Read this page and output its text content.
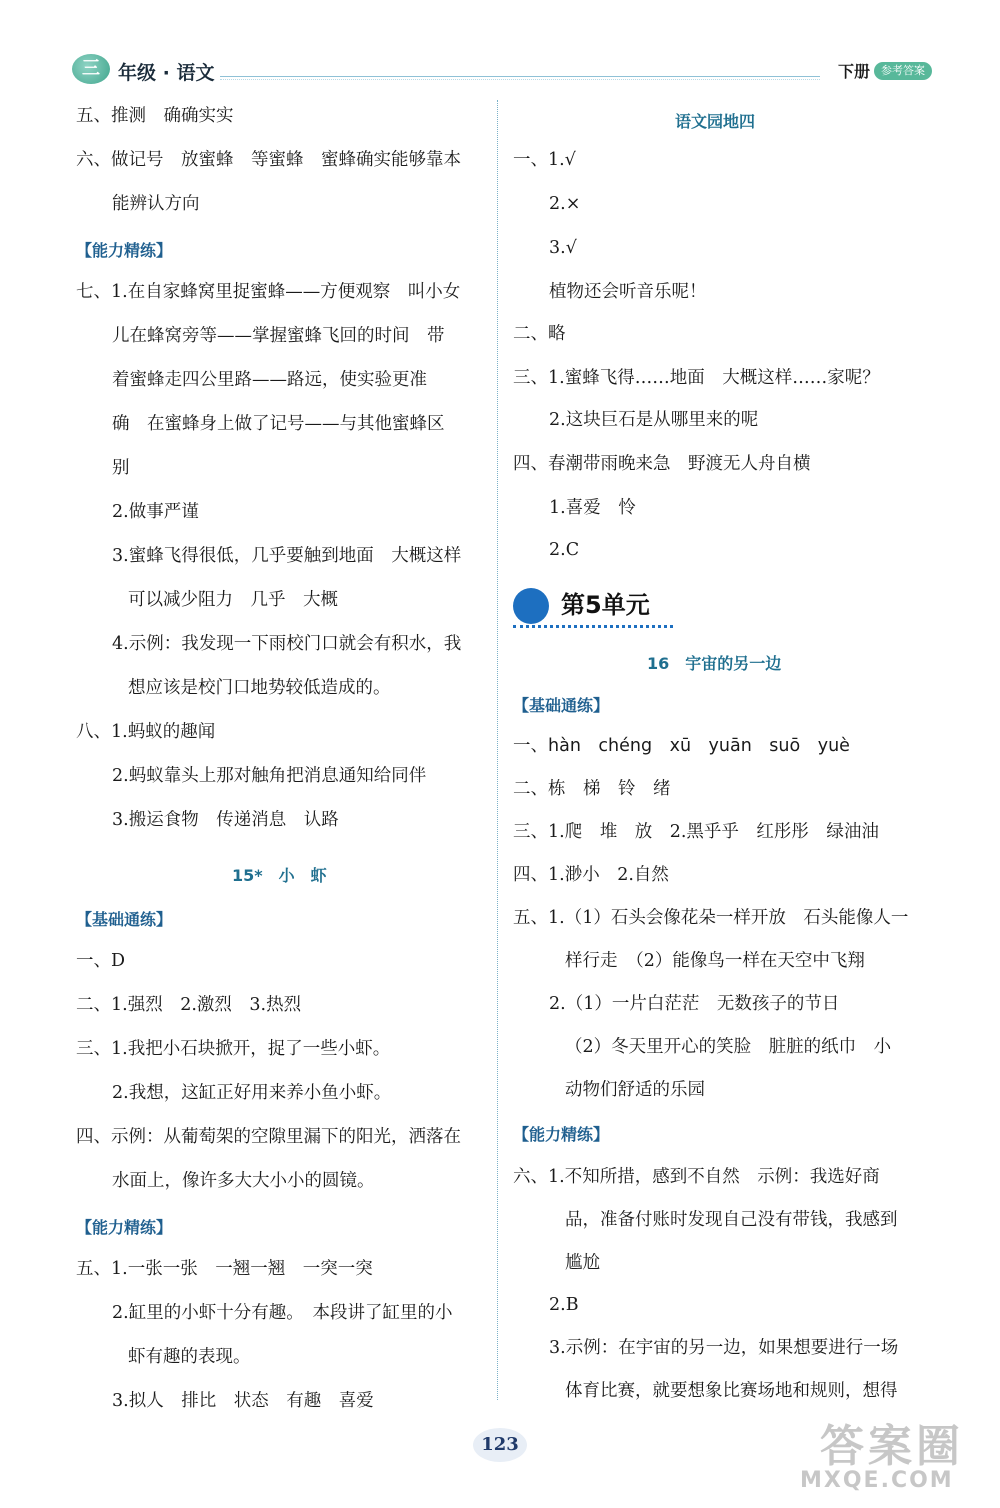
三 年级 · 语文	下册 参考答案
五、推测　确确实实
六、做记号　放蜜蜂　等蜜蜂　蜜蜂确实能够靠本
能辨认方向
【能力精练】
七、1.在自家蜂窝里捉蜜蜂——方便观察　叫小女
儿在蜂窝旁等——掌握蜜蜂飞回的时间　带
着蜜蜂走四公里路——路远，使实验更准
确　在蜜蜂身上做了记号——与其他蜜蜂区
别
2.做事严谨
3.蜜蜂飞得很低，几乎要触到地面　大概这样
可以减少阻力　几乎　大概
4.示例：我发现一下雨校门口就会有积水，我
想应该是校门口地势较低造成的。
八、1.蚂蚁的趣闻
2.蚂蚁靠头上那对触角把消息通知给同伴
3.搬运食物　传递消息　认路
15*　小　虾
【基础通练】
一、D
二、1.强烈　2.激烈　3.热烈
三、1.我把小石块掀开，捉了一些小虾。
2.我想，这缸正好用来养小鱼小虾。
四、示例：从葡萄架的空隙里漏下的阳光，洒落在
水面上，像许多大大小小的圆镜。
【能力精练】
五、1.一张一张　一翘一翘　一突一突
2.缸里的小虾十分有趣。　本段讲了缸里的小
虾有趣的表现。
3.拟人　排比　状态　有趣　喜爱
语文园地四
一、1.√
2.×
3.√
植物还会听音乐呢！
二、略
三、1.蜜蜂飞得……地面　大概这样……家呢？
2.这块巨石是从哪里来的呢
四、春潮带雨晚来急　野渡无人舟自横
1.喜爱　怜
2.C
第5单元
16　宇宙的另一边
【基础通练】
一、hàn　chéng　xū　yuān　suō　yuè
二、栋　梯　铃　绪
三、1.爬　堆　放　2.黑乎乎　红彤彤　绿油油
四、1.渺小　2.自然
五、1.（1）石头会像花朵一样开放　石头能像人一
样行走　（2）能像鸟一样在天空中飞翔
2.（1）一片白茫茫　无数孩子的节日
（2）冬天里开心的笑脸　脏脏的纸巾　小
动物们舒适的乐园
【能力精练】
六、1.不知所措，感到不自然　示例：我选好商
品，准备付账时发现自己没有带钱，我感到
尴尬
2.B
3.示例：在宇宙的另一边，如果想要进行一场
体育比赛，就要想象比赛场地和规则，想得
123	答案圈
MXQE.COM
